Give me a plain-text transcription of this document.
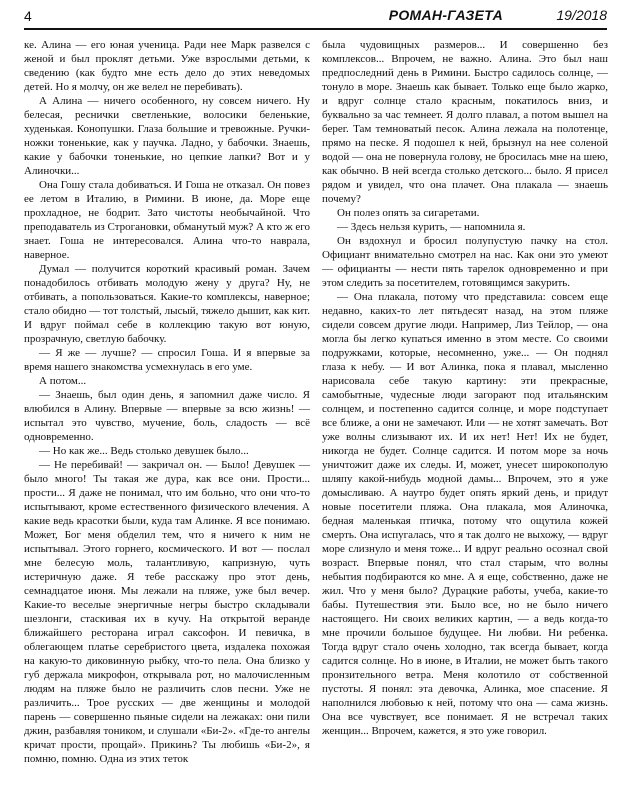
4	РОМАН-ГАЗЕТА	19/2018

ке. Алина — его юная ученица. Ради нее Марк развелся с женой и был проклят детьми. Уже взрослыми детьми, к сведению (как будто мне есть дело до этих неведомых детей. Но я молчу, он же велел не перебивать).

А Алина — ничего особенного, ну совсем ничего. Ну белесая, реснички светленькие, волосики беленькие, худенькая. Конопушки. Глаза большие и тревожные. Ручки-ножки тоненькие, как у паучка. Ладно, у бабочки. Знаешь, какие у бабочки тоненькие, но цепкие лапки? Вот и у Алиночки...

Она Гошу стала добиваться. И Гоша не отказал. Он повез ее летом в Италию, в Римини. В июне, да. Море еще прохладное, не бодрит. Зато чистоты необычайной. Что преподаватель из Строгановки, обманутый муж? А кто ж его знает. Гоша не интересовался. Алина что-то наврала, наверное.

Думал — получится короткий красивый роман. Зачем понадобилось отбивать молодую жену у друга? Ну, не отбивать, а попользоваться. Какие-то комплексы, наверное; стало обидно — тот толстый, лысый, тяжело дышит, как кит. И вдруг поймал себе в коллекцию такую вот юную, прозрачную, светлую бабочку.

— Я же — лучше? — спросил Гоша. И я впервые за время нашего знакомства усмехнулась в его уме.

А потом...

— Знаешь, был один день, я запомнил даже число. Я влюбился в Алину. Впервые — впервые за всю жизнь! — испытал это чувство, мучение, боль, сладость — всё одновременно.

— Но как же... Ведь столько девушек было...

— Не перебивай! — закричал он. — Было! Девушек — было много! Ты такая же дура, как все они. Прости... прости... Я даже не понимал, что им больно, что они что-то испытывают, кроме естественного физического влечения. А какие ведь красотки были, куда там Алинке. Я все понимаю. Может, Бог меня обделил тем, что я ничего к ним не испытывал. Этого горнего, космического. И вот — послал мне белесую моль, талантливую, капризную, чуть истеричную даже. Я тебе расскажу про этот день, семнадцатое июня. Мы лежали на пляже, уже был вечер. Какие-то веселые энергичные негры быстро складывали шезлонги, стаскивая их в кучу. На открытой веранде ближайшего ресторана играл саксофон. И певичка, в облегающем платье серебристого цвета, издалека похожая на какую-то диковинную рыбку, что-то пела. Она близко у губ держала микрофон, открывала рот, но малочисленным людям на пляже было не различить слов песни. Уже не различить... Трое русских — две женщины и молодой парень — совершенно пьяные сидели на лежаках: они пили джин, разбавляя тоником, и слушали «Би-2». «Где-то ангелы кричат прости, прощай». Прикинь? Ты любишь «Би-2», я помню, помню. Одна из этих теток

была чудовищных размеров... И совершенно без комплексов... Впрочем, не важно. Алина. Это был наш предпоследний день в Римини. Быстро садилось солнце, — тонуло в море. Знаешь как бывает. Только еще было жарко, и вдруг солнце стало красным, покатилось вниз, и буквально за час темнеет. Я долго плавал, а потом вышел на берег. Там темноватый песок. Алина лежала на полотенце, прямо на песке. Я подошел к ней, брызнул на нее соленой водой — она не повернула голову, не бросилась мне на шею, как обычно. В ней всегда столько детского... было. Я присел рядом и увидел, что она плачет. Она плакала — знаешь почему?

Он полез опять за сигаретами.

— Здесь нельзя курить, — напомнила я.

Он вздохнул и бросил полупустую пачку на стол. Официант внимательно смотрел на нас. Как они это умеют — официанты — нести пять тарелок одновременно и при этом следить за посетителем, готовящимся закурить.

— Она плакала, потому что представила: совсем еще недавно, каких-то лет пятьдесят назад, на этом пляже сидели совсем другие люди. Например, Лиз Тейлор, — она могла бы легко купаться именно в этом месте. Со своими подружками, которые, несомненно, уже... — Он поднял глаза к небу. — И вот Алинка, пока я плавал, мысленно нарисовала себе такую картину: эти прекрасные, самобытные, чудесные люди загорают под итальянским солнцем, и постепенно садится солнце, и море подступает все ближе, а они не замечают. Или — не хотят замечать. Вот уже волны слизывают их. И их нет! Нет! Их не будет, никогда не будет. Солнце садится. И потом море за ночь уничтожит даже их следы. И, может, унесет широкополую шляпу какой-нибудь модной дамы... Впрочем, это я уже домысливаю. А наутро будет опять яркий день, и придут новые посетители пляжа. Она плакала, моя Алиночка, бедная маленькая птичка, потому что ощутила кожей смерть. Она испугалась, что я так долго не выхожу, — вдруг море слизнуло и меня тоже... И вдруг реально осознал свой возраст. Впервые понял, что стал старым, что волны небытия подбираются ко мне. А я еще, собственно, даже не жил. Что у меня было? Дурацкие работы, учеба, какие-то бабы. Путешествия эти. Было все, но не было ничего настоящего. Ни своих великих картин, — а ведь когда-то мне прочили большое будущее. Ни любви. Ни ребенка. Тогда вдруг стало очень холодно, так всегда бывает, когда садится солнце. Но в июне, в Италии, не может быть такого пронзительного ветра. Меня колотило от собственной пустоты. Я понял: эта девочка, Алинка, мое спасение. Я наполнился любовью к ней, потому что она — сама жизнь. Она все чувствует, все понимает. Я не встречал таких женщин... Впрочем, кажется, я это уже говорил.
